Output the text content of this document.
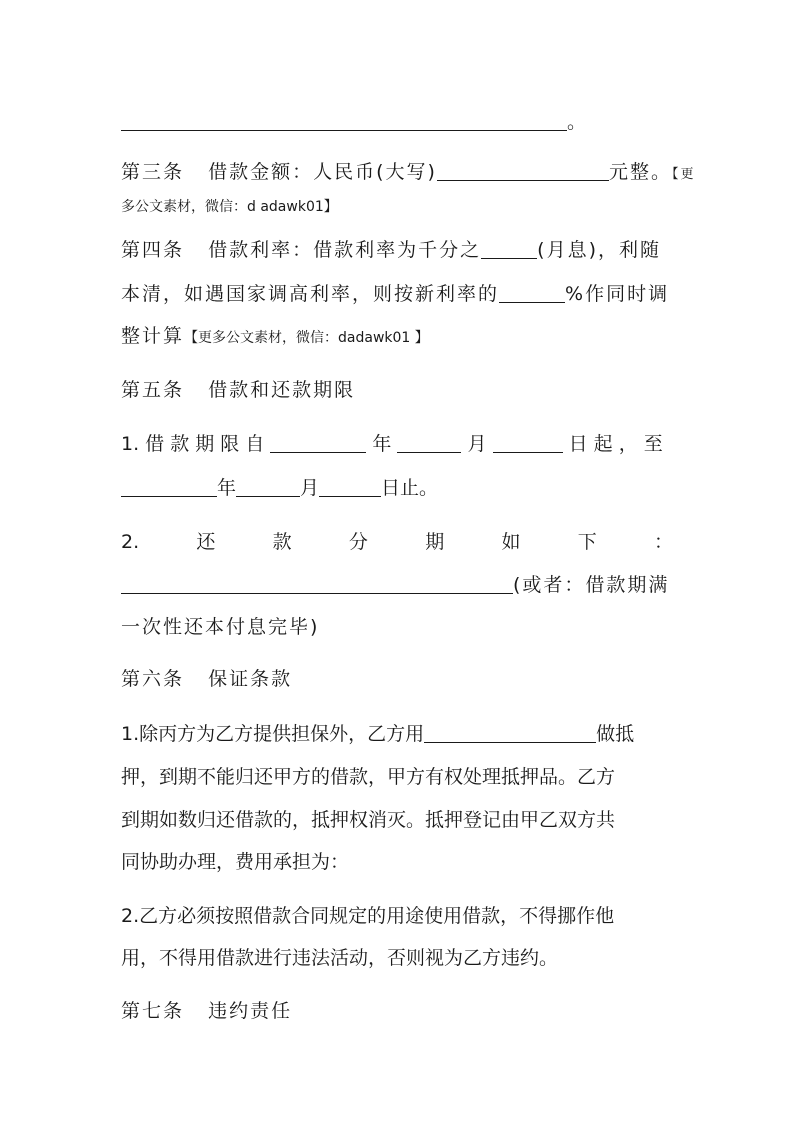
。
第三条 借款金额：人民币(大写)	元整。【更
多公文素材，微信：d adawk01】
第四条 借款利率：借款利率为千分之	(月息)，利随
本清，如遇国家调高利率，则按新利率的	%作同时调
整计算【更多公文素材，微信：dadawk01 】
第五条 借款和还款期限
1. 借 款 期 限 自	年	月	日 起 ， 至
年	月	日止。
2.	还	款	分	期	如	下	：
(或者：借款期满
一次性还本付息完毕)
第六条 保证条款
1.除丙方为乙方提供担保外，乙方用	做抵
押，到期不能归还甲方的借款，甲方有权处理抵押品。乙方
到期如数归还借款的，抵押权消灭。抵押登记由甲乙双方共
同协助办理，费用承担为：
2.乙方必须按照借款合同规定的用途使用借款，不得挪作他
用，不得用借款进行违法活动，否则视为乙方违约。
第七条 违约责任
